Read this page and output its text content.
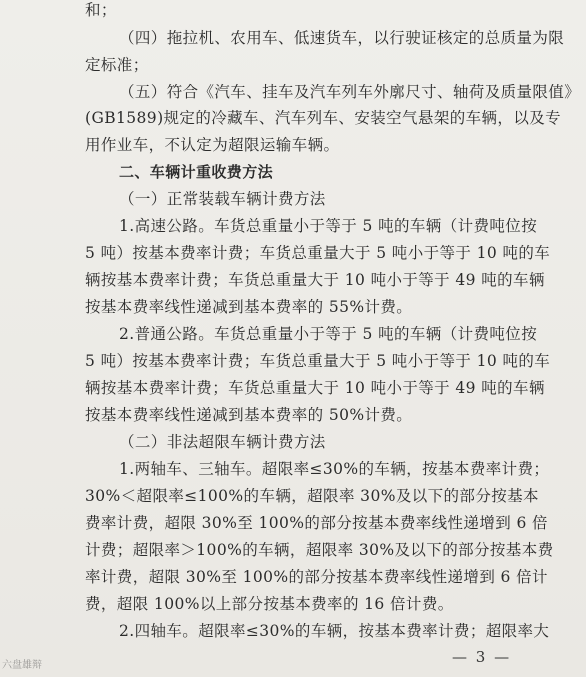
和；
（四）拖拉机、农用车、低速货车，以行驶证核定的总质量为限
定标准；
（五）符合《汽车、挂车及汽车列车外廓尺寸、轴荷及质量限值》
(GB1589)规定的冷藏车、汽车列车、安装空气悬架的车辆，以及专
用作业车，不认定为超限运输车辆。
二、车辆计重收费方法
（一）正常装载车辆计费方法
1.高速公路。车货总重量小于等于 5 吨的车辆（计费吨位按
5 吨）按基本费率计费；车货总重量大于 5 吨小于等于 10 吨的车
辆按基本费率计费；车货总重量大于 10 吨小于等于 49 吨的车辆
按基本费率线性递减到基本费率的 55%计费。
2.普通公路。车货总重量小于等于 5 吨的车辆（计费吨位按
5 吨）按基本费率计费；车货总重量大于 5 吨小于等于 10 吨的车
辆按基本费率计费；车货总重量大于 10 吨小于等于 49 吨的车辆
按基本费率线性递减到基本费率的 50%计费。
（二）非法超限车辆计费方法
1.两轴车、三轴车。超限率≤30%的车辆，按基本费率计费；
30%＜超限率≤100%的车辆，超限率 30%及以下的部分按基本
费率计费，超限 30%至 100%的部分按基本费率线性递增到 6 倍
计费；超限率＞100%的车辆，超限率 30%及以下的部分按基本费
率计费，超限 30%至 100%的部分按基本费率线性递增到 6 倍计
费，超限 100%以上部分按基本费率的 16 倍计费。
2.四轴车。超限率≤30%的车辆，按基本费率计费；超限率大
— 3 —
六盘雄辩
